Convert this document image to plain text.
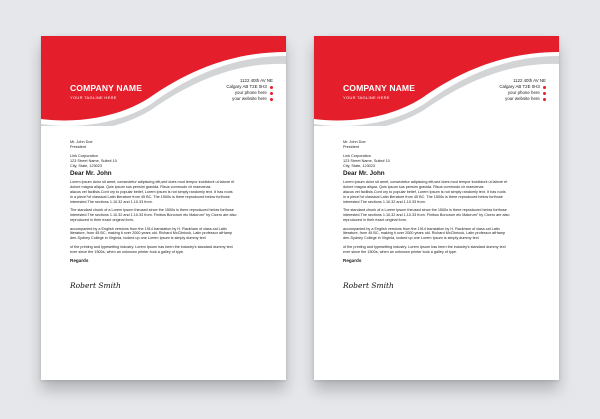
COMPANY NAME
YOUR TAGLINE HERE
1122 40th AV NE
Calgary AB T2E 0H3
your phone here
your website here
Mr. John Doe
President
Link Corporation
123 Street Name, Suite# 10
City, State, 123023
Dear Mr. John
Lorem ipsum dolor sit amet, consectetur adipiscing elit,sed does mod tempor incididunt ut labore et
dolore magna aliqua. Quis ipsum sus pensim gravida. Risus commodo vir maecenas
alacus vel facilisis.Cont ory to popular belief, Lorem Ipsum is not simply randomly text. It has roots
in a piece?of classical Latin literature from 45 BC. The 1500s is there reproduced below forthose
interested.The sections 1.10.32 and 1.10.33 from.
The standard chunk of a Lorem Ipsum theused since the 1500s is there reproduced below forthose
interested.The sections 1.10.32 and 1.10.33 from. Finibus Bonorum etc Malorum" by Cicero are also
reproduced in their exact original form,
accompanied by a English versions from the 1914 translation by H. Rackham of class.cal Latin
literature, from 45 BC, making it over 2000 years old. Richard McClintock, Latin professor atHamp
den-Sydney College in Virginia, looked up one Lorem Ipsum is simply dummy text
of the printing and typesetting industry. Lorem Ipsum has been the industry's standard dummy text
ever since the 1500s, when an unknown printer took a galley of type.
Regards
Robert Smith
COMPANY NAME
YOUR TAGLINE HERE
1122 40th AV NE
Calgary AB T2E 0H3
your phone here
your website here
Mr. John Doe
President
Link Corporation
123 Street Name, Suite# 10
City, State, 123023
Dear Mr. John
Lorem ipsum dolor sit amet, consectetur adipiscing elit,sed does mod tempor incididunt ut labore et
dolore magna aliqua. Quis ipsum sus pensim gravida. Risus commodo vir maecenas
alacus vel facilisis.Cont ory to popular belief, Lorem Ipsum is not simply randomly text. It has roots
in a piece?of classical Latin literature from 45 BC. The 1500s is there reproduced below forthose
interested.The sections 1.10.32 and 1.10.33 from.
The standard chunk of a Lorem Ipsum theused since the 1500s is there reproduced below forthose
interested.The sections 1.10.32 and 1.10.33 from. Finibus Bonorum etc Malorum" by Cicero are also
reproduced in their exact original form,
accompanied by a English versions from the 1914 translation by H. Rackham of class.cal Latin
literature, from 45 BC, making it over 2000 years old. Richard McClintock, Latin professor atHamp
den-Sydney College in Virginia, looked up one Lorem Ipsum is simply dummy text
of the printing and typesetting industry. Lorem Ipsum has been the industry's standard dummy text
ever since the 1500s, when an unknown printer took a galley of type.
Regards
Robert Smith
